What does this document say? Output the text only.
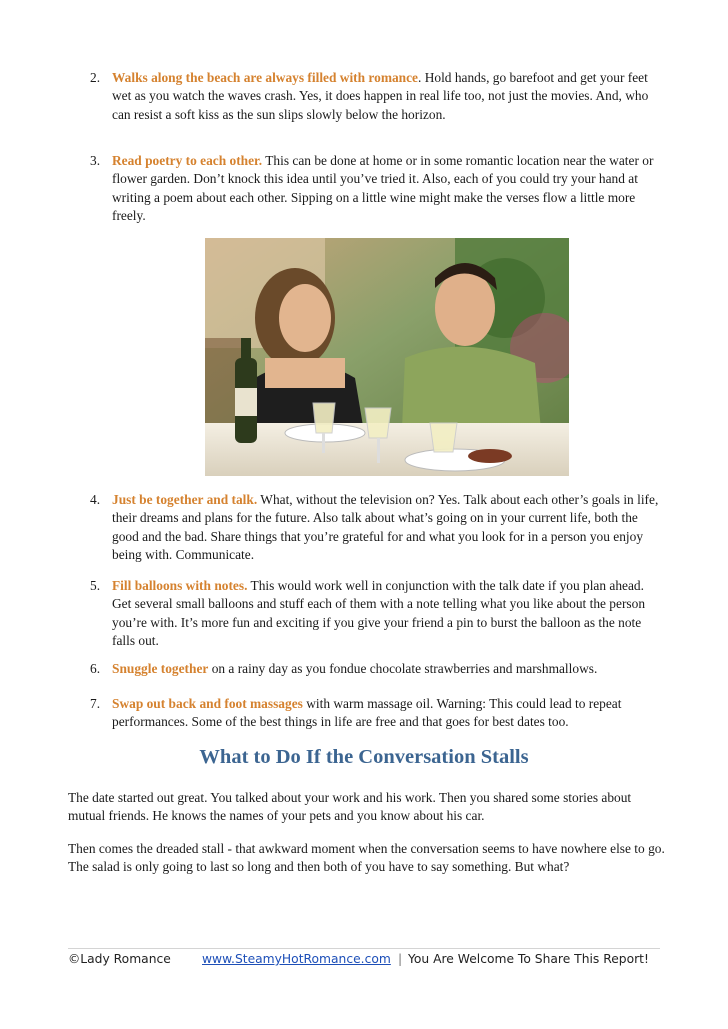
2. Walks along the beach are always filled with romance. Hold hands, go barefoot and get your feet wet as you watch the waves crash. Yes, it does happen in real life too, not just the movies. And, who can resist a soft kiss as the sun slips slowly below the horizon.
3. Read poetry to each other. This can be done at home or in some romantic location near the water or flower garden. Don’t knock this idea until you’ve tried it. Also, each of you could try your hand at writing a poem about each other. Sipping on a little wine might make the verses flow a little more freely.
4. Just be together and talk. What, without the television on? Yes. Talk about each other’s goals in life, their dreams and plans for the future. Also talk about what’s going on in your current life, both the good and the bad. Share things that you’re grateful for and what you look for in a person you enjoy being with. Communicate.
5. Fill balloons with notes. This would work well in conjunction with the talk date if you plan ahead. Get several small balloons and stuff each of them with a note telling what you like about the person you’re with. It’s more fun and exciting if you give your friend a pin to burst the balloon as the note falls out.
6. Snuggle together on a rainy day as you fondue chocolate strawberries and marshmallows.
7. Swap out back and foot massages with warm massage oil. Warning: This could lead to repeat performances. Some of the best things in life are free and that goes for best dates too.
What to Do If the Conversation Stalls
The date started out great. You talked about your work and his work. Then you shared some stories about mutual friends. He knows the names of your pets and you know about his car.
Then comes the dreaded stall - that awkward moment when the conversation seems to have nowhere else to go. The salad is only going to last so long and then both of you have to say something. But what?
©Lady Romance	www.SteamyHotRomance.com | You Are Welcome To Share This Report!
